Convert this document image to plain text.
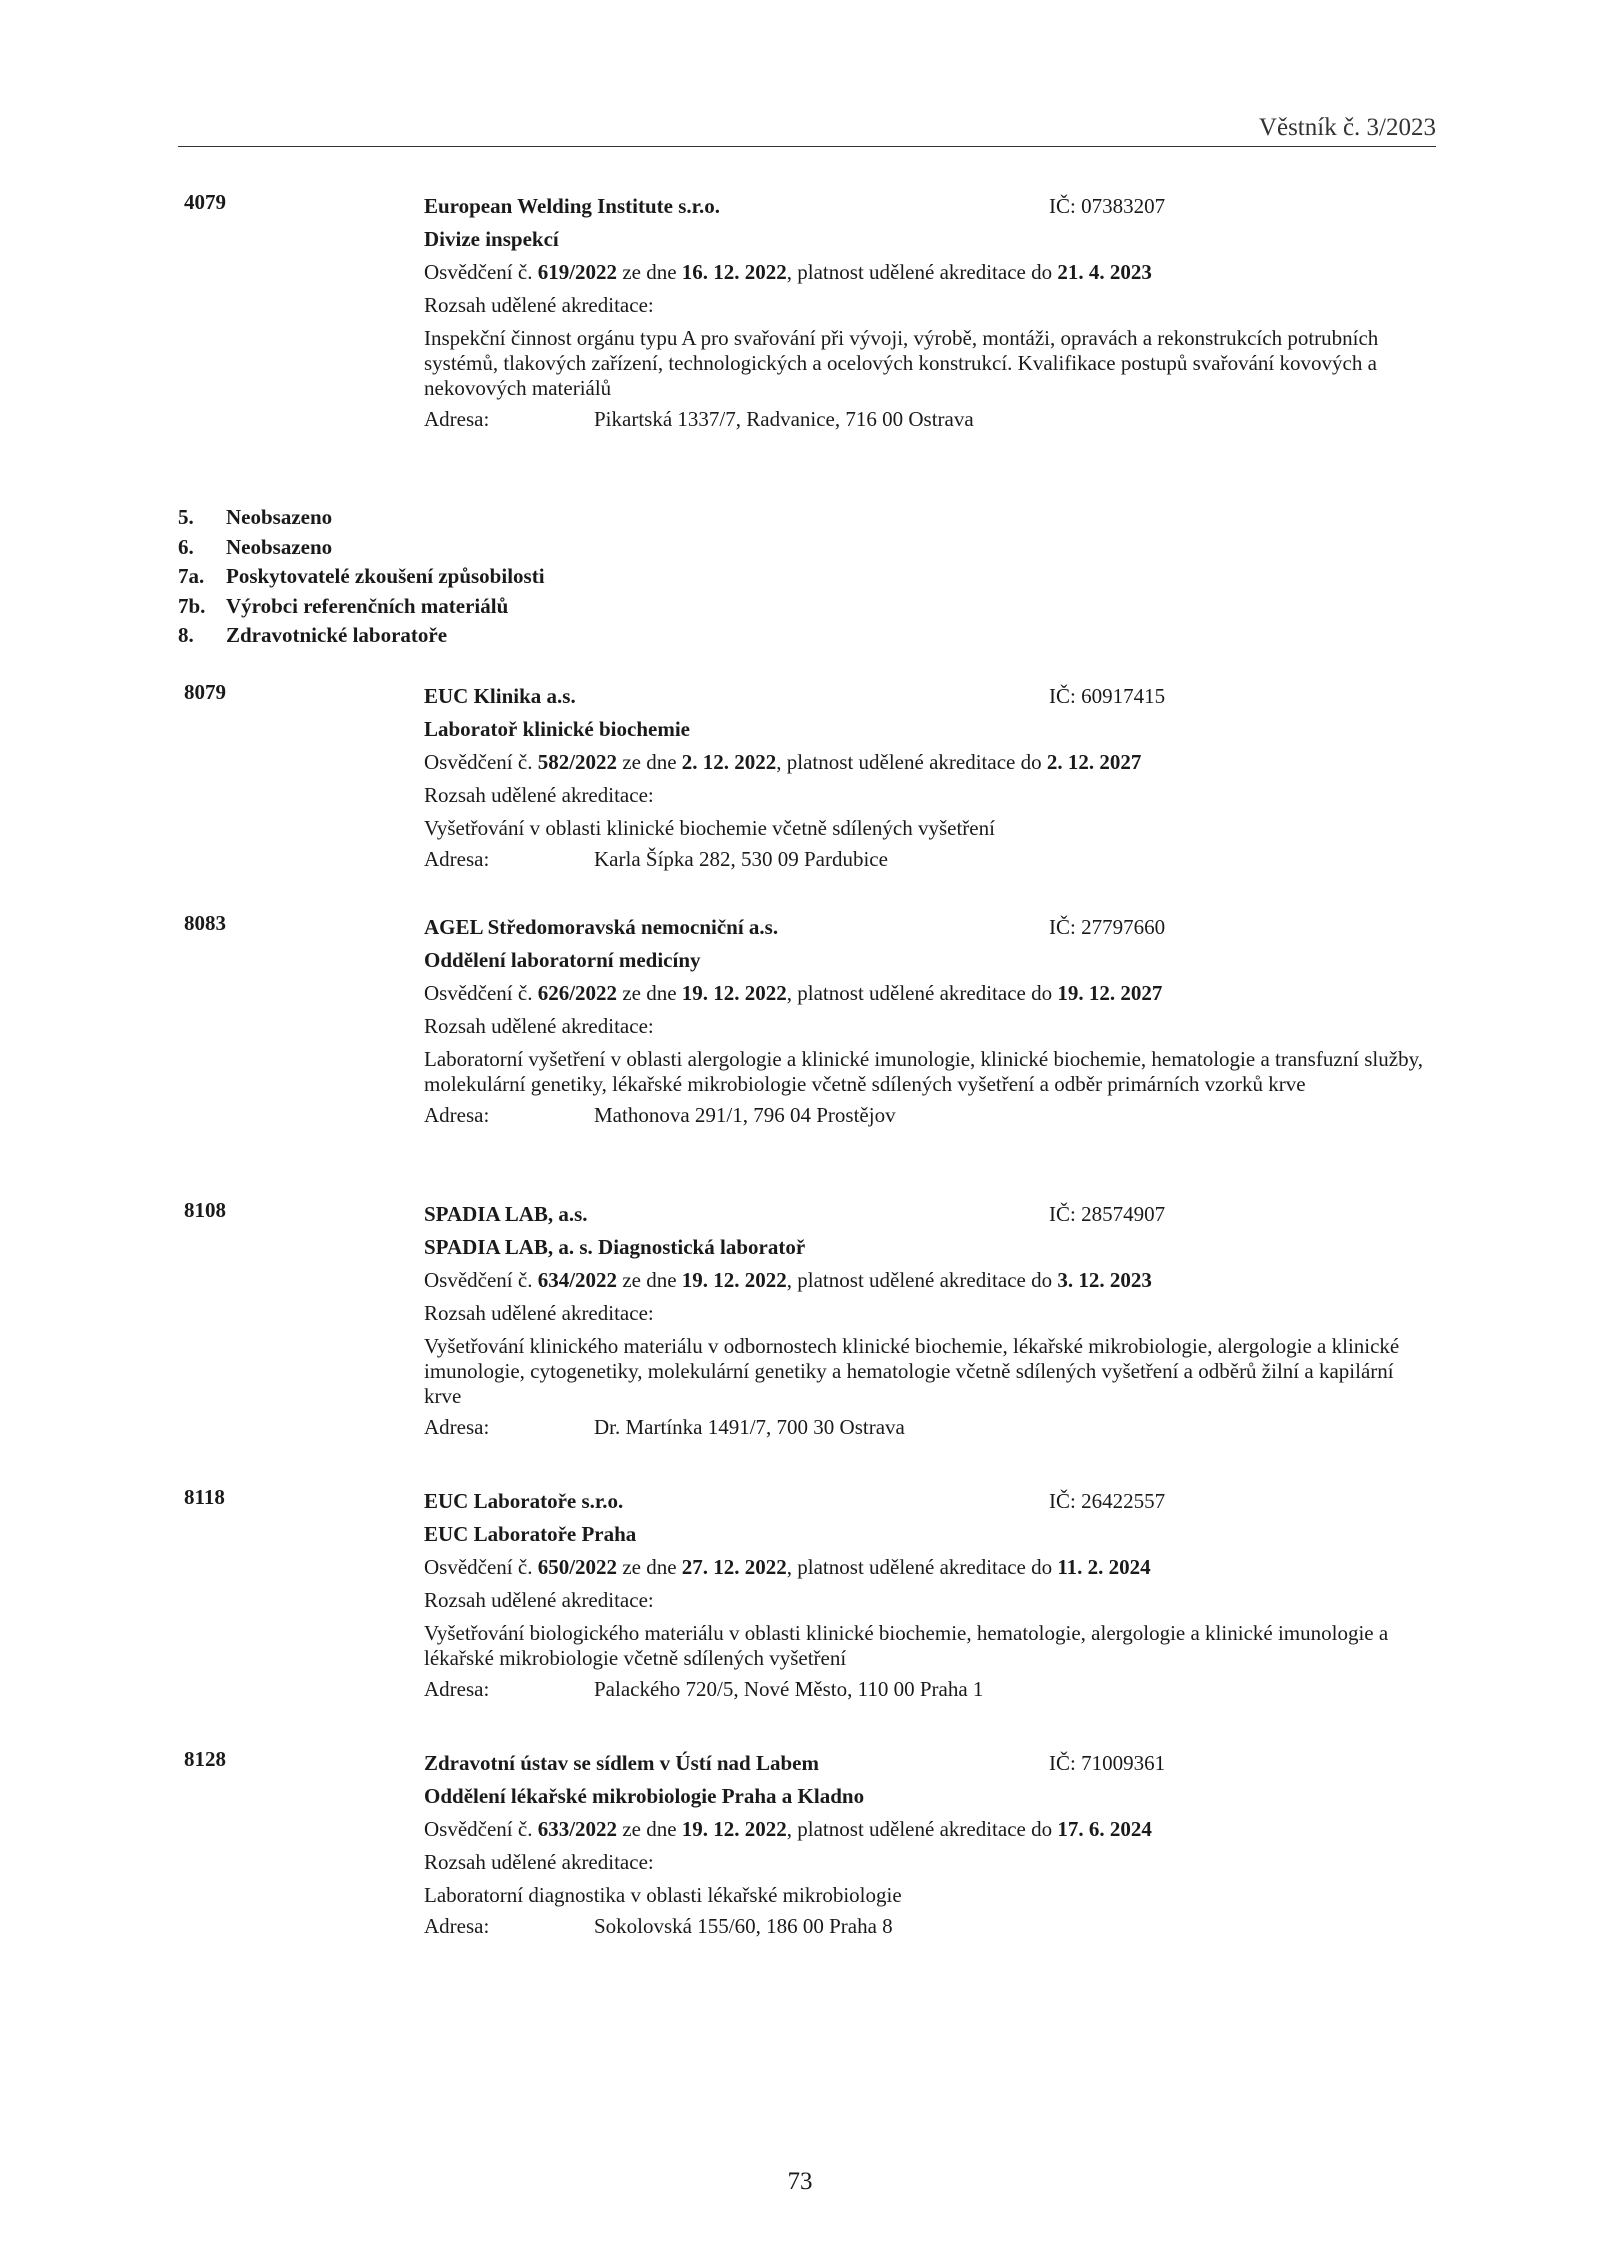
Věstník č. 3/2023
4079	European Welding Institute s.r.o.	IČ: 07383207
Divize inspekcí
Osvědčení č. 619/2022 ze dne 16. 12. 2022, platnost udělené akreditace do 21. 4. 2023
Rozsah udělené akreditace:
Inspekční činnost orgánu typu A pro svařování při vývoji, výrobě, montáži, opravách a rekonstrukcích potrubních systémů, tlakových zařízení, technologických a ocelových konstrukcí. Kvalifikace postupů svařování kovových a nekovových materiálů
Adresa:	Pikartská 1337/7, Radvanice, 716 00 Ostrava
5. Neobsazeno
6. Neobsazeno
7a. Poskytovatelé zkoušení způsobilosti
7b. Výrobci referenčních materiálů
8. Zdravotnické laboratoře
8079	EUC Klinika a.s.	IČ: 60917415
Laboratoř klinické biochemie
Osvědčení č. 582/2022 ze dne 2. 12. 2022, platnost udělené akreditace do 2. 12. 2027
Rozsah udělené akreditace:
Vyšetřování v oblasti klinické biochemie včetně sdílených vyšetření
Adresa:	Karla Šípka 282, 530 09 Pardubice
8083	AGEL Středomoravská nemocniční a.s.	IČ: 27797660
Oddělení laboratorní medicíny
Osvědčení č. 626/2022 ze dne 19. 12. 2022, platnost udělené akreditace do 19. 12. 2027
Rozsah udělené akreditace:
Laboratorní vyšetření v oblasti alergologie a klinické imunologie, klinické biochemie, hematologie a transfuzní služby, molekulární genetiky, lékařské mikrobiologie včetně sdílených vyšetření a odběr primárních vzorků krve
Adresa:	Mathonova 291/1, 796 04 Prostějov
8108	SPADIA LAB, a.s.	IČ: 28574907
SPADIA LAB, a. s. Diagnostická laboratoř
Osvědčení č. 634/2022 ze dne 19. 12. 2022, platnost udělené akreditace do 3. 12. 2023
Rozsah udělené akreditace:
Vyšetřování klinického materiálu v odbornostech klinické biochemie, lékařské mikrobiologie, alergologie a klinické imunologie, cytogenetiky, molekulární genetiky a hematologie včetně sdílených vyšetření a odběrů žilní a kapilární krve
Adresa:	Dr. Martínka 1491/7, 700 30 Ostrava
8118	EUC Laboratoře s.r.o.	IČ: 26422557
EUC Laboratoře Praha
Osvědčení č. 650/2022 ze dne 27. 12. 2022, platnost udělené akreditace do 11. 2. 2024
Rozsah udělené akreditace:
Vyšetřování biologického materiálu v oblasti klinické biochemie, hematologie, alergologie a klinické imunologie a lékařské mikrobiologie včetně sdílených vyšetření
Adresa:	Palackého 720/5, Nové Město, 110 00 Praha 1
8128	Zdravotní ústav se sídlem v Ústí nad Labem	IČ: 71009361
Oddělení lékařské mikrobiologie Praha a Kladno
Osvědčení č. 633/2022 ze dne 19. 12. 2022, platnost udělené akreditace do 17. 6. 2024
Rozsah udělené akreditace:
Laboratorní diagnostika v oblasti lékařské mikrobiologie
Adresa:	Sokolovská 155/60, 186 00 Praha 8
73
